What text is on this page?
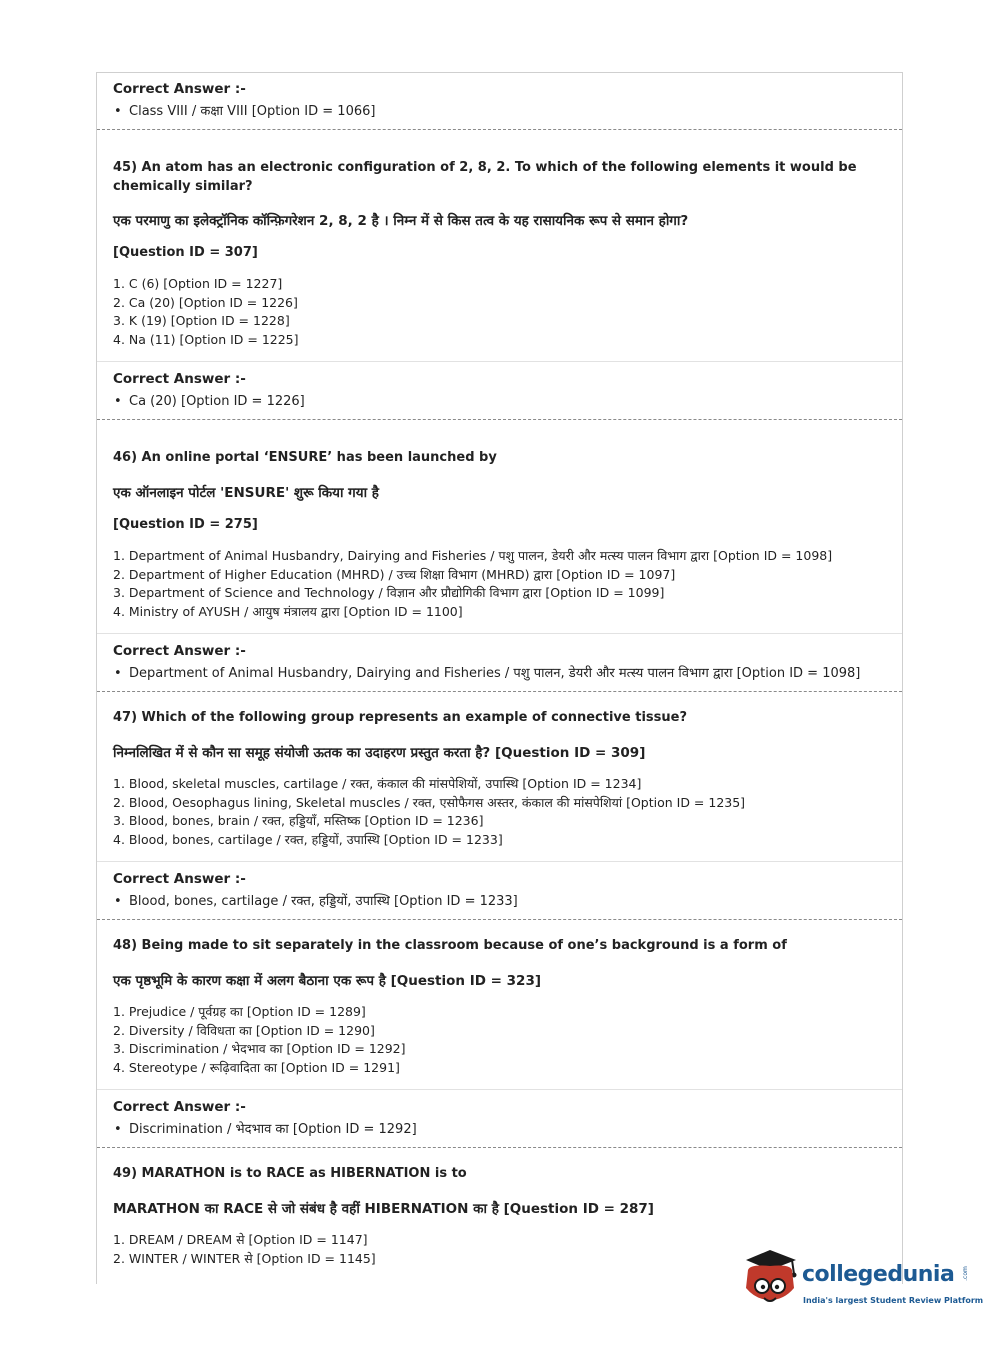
Correct Answer :-

• Class VIII / कक्षा VIII [Option ID = 1066]

45) An atom has an electronic configuration of 2, 8, 2. To which of the following elements it would be chemically similar?

एक परमाणु का इलेक्ट्रॉनिक कॉन्फ़िगरेशन 2, 8, 2 है । निम्न में से किस तत्व के यह रासायनिक रूप से समान होगा?

[Question ID = 307]

1. C (6) [Option ID = 1227]
2. Ca (20) [Option ID = 1226]
3. K (19) [Option ID = 1228]
4. Na (11) [Option ID = 1225]

Correct Answer :-

• Ca (20) [Option ID = 1226]

46) An online portal ‘ENSURE’ has been launched by

एक ऑनलाइन पोर्टल 'ENSURE' शुरू किया गया है

[Question ID = 275]

1. Department of Animal Husbandry, Dairying and Fisheries / पशु पालन, डेयरी और मत्स्य पालन विभाग द्वारा [Option ID = 1098]
2. Department of Higher Education (MHRD) / उच्च शिक्षा विभाग (MHRD) द्वारा [Option ID = 1097]
3. Department of Science and Technology / विज्ञान और प्रौद्योगिकी विभाग द्वारा [Option ID = 1099]
4. Ministry of AYUSH / आयुष मंत्रालय द्वारा [Option ID = 1100]

Correct Answer :-

• Department of Animal Husbandry, Dairying and Fisheries / पशु पालन, डेयरी और मत्स्य पालन विभाग द्वारा [Option ID = 1098]

47) Which of the following group represents an example of connective tissue?

निम्नलिखित में से कौन सा समूह संयोजी ऊतक का उदाहरण प्रस्तुत करता है? [Question ID = 309]

1. Blood, skeletal muscles, cartilage / रक्त, कंकाल की मांसपेशियों, उपास्थि [Option ID = 1234]
2. Blood, Oesophagus lining, Skeletal muscles / रक्त, एसोफैगस अस्तर, कंकाल की मांसपेशियां [Option ID = 1235]
3. Blood, bones, brain / रक्त, हड्डियाँ, मस्तिष्क [Option ID = 1236]
4. Blood, bones, cartilage / रक्त, हड्डियों, उपास्थि [Option ID = 1233]

Correct Answer :-

• Blood, bones, cartilage / रक्त, हड्डियों, उपास्थि [Option ID = 1233]

48) Being made to sit separately in the classroom because of one’s background is a form of

एक पृष्ठभूमि के कारण कक्षा में अलग बैठाना एक रूप है [Question ID = 323]

1. Prejudice / पूर्वग्रह का [Option ID = 1289]
2. Diversity / विविधता का [Option ID = 1290]
3. Discrimination / भेदभाव का [Option ID = 1292]
4. Stereotype / रूढ़िवादिता का [Option ID = 1291]

Correct Answer :-

• Discrimination / भेदभाव का [Option ID = 1292]

49) MARATHON is to RACE as HIBERNATION is to

MARATHON का RACE से जो संबंध है वहीं HIBERNATION का है [Question ID = 287]

1. DREAM / DREAM से [Option ID = 1147]
2. WINTER / WINTER से [Option ID = 1145]
collegedunia .com
India's largest Student Review Platform
